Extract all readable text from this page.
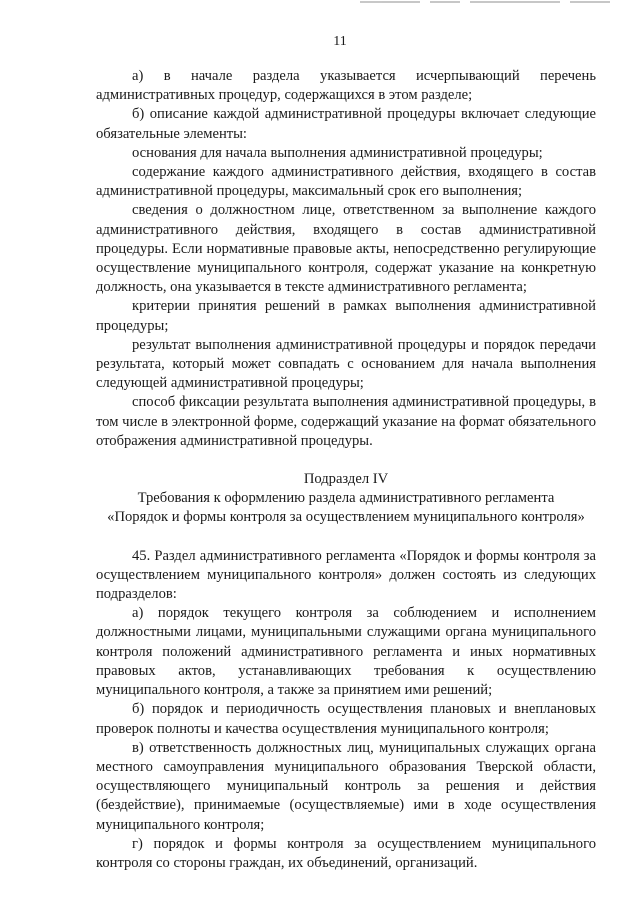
11

а) в начале раздела указывается исчерпывающий перечень административных процедур, содержащихся в этом разделе;

б) описание каждой административной процедуры включает следующие обязательные элементы:

основания для начала выполнения административной процедуры;

содержание каждого административного действия, входящего в состав административной процедуры, максимальный срок его выполнения;

сведения о должностном лице, ответственном за выполнение каждого административного действия, входящего в состав административной процедуры. Если нормативные правовые акты, непосредственно регулирующие осуществление муниципального контроля, содержат указание на конкретную должность, она указывается в тексте административного регламента;

критерии принятия решений в рамках выполнения административной процедуры;

результат выполнения административной процедуры и порядок передачи результата, который может совпадать с основанием для начала выполнения следующей административной процедуры;

способ фиксации результата выполнения административной процедуры, в том числе в электронной форме, содержащий указание на формат обязательного отображения административной процедуры.

Подраздел IV

Требования к оформлению раздела административного регламента

«Порядок и формы контроля за осуществлением муниципального контроля»

45. Раздел административного регламента «Порядок и формы контроля за осуществлением муниципального контроля» должен состоять из следующих подразделов:

а) порядок текущего контроля за соблюдением и исполнением должностными лицами, муниципальными служащими органа муниципального контроля положений административного регламента и иных нормативных правовых актов, устанавливающих требования к осуществлению муниципального контроля, а также за принятием ими решений;

б) порядок и периодичность осуществления плановых и внеплановых проверок полноты и качества осуществления муниципального контроля;

в) ответственность должностных лиц, муниципальных служащих органа местного самоуправления муниципального образования Тверской области, осуществляющего муниципальный контроль за решения и действия (бездействие), принимаемые (осуществляемые) ими в ходе осуществления муниципального контроля;

г) порядок и формы контроля за осуществлением муниципального контроля со стороны граждан, их объединений, организаций.
